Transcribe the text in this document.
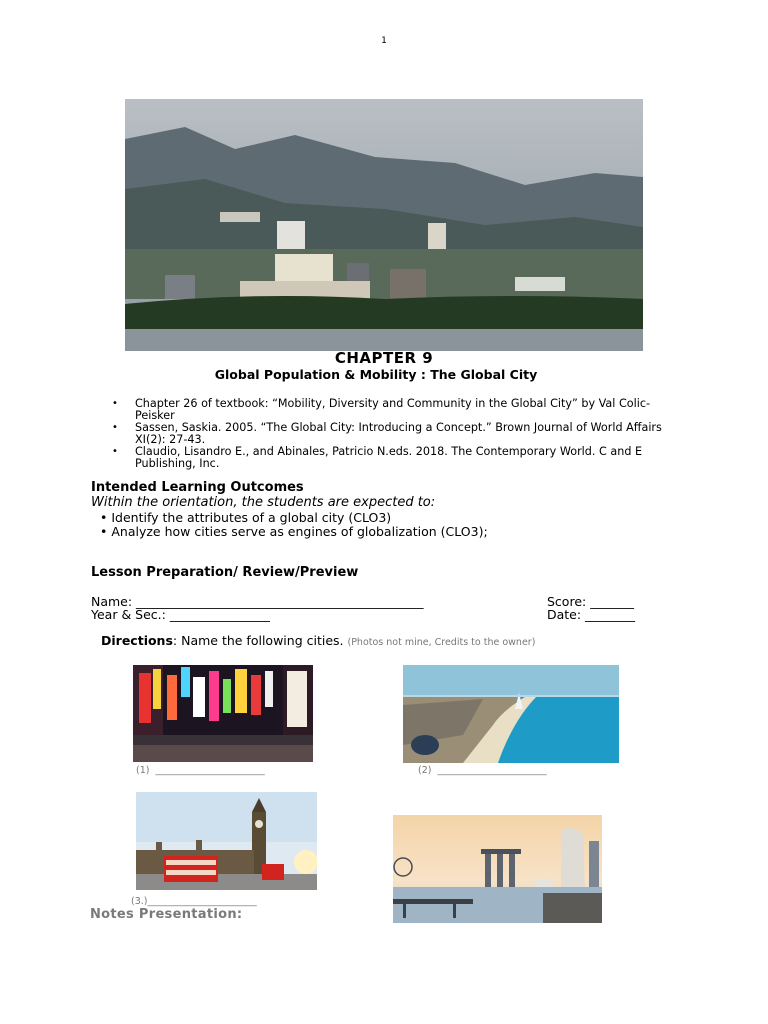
1
CHAPTER 9
Global Population & Mobility : The Global City
• Chapter 26 of textbook: “Mobility, Diversity and Community in the Global City” by Val Colic-Peisker
• Sassen, Saskia. 2005. “The Global City: Introducing a Concept.” Brown Journal of World Affairs XI(2): 27-43.
• Claudio, Lisandro E., and Abinales, Patricio N.eds. 2018. The Contemporary World. C and E Publishing, Inc.
Intended Learning Outcomes
Within the orientation, the students are expected to:
• Identify the attributes of a global city (CLO3)
• Analyze how cities serve as engines of globalization (CLO3);
Lesson Preparation/ Review/Preview
Name: ______________________________________________	Score: _______
Year & Sec.: ________________	Date: ________
Directions: Name the following cities. (Photos not mine, Credits to the owner)
(1)  _______________________	(2)  _______________________
(3.)_______________________
Notes Presentation:
